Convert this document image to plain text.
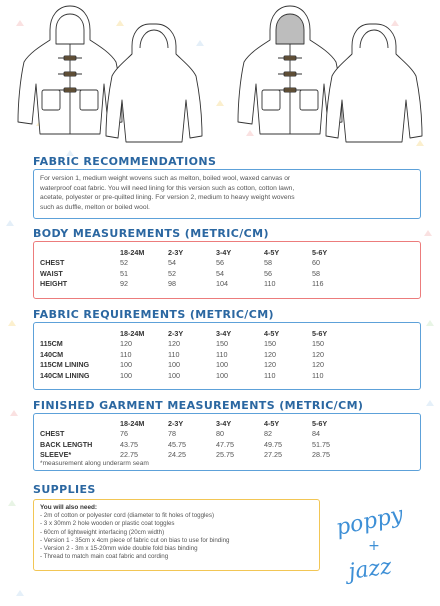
FABRIC RECOMMENDATIONS
For version 1, medium weight wovens such as melton, boiled wool, waxed canvas or
waterproof coat fabric. You will need lining for this version such as cotton, cotton lawn,
acetate, polyester or pre-quilted lining. For version 2, medium to heavy weight wovens
such as duffle, melton or boiled wool.
BODY MEASUREMENTS (METRIC/CM)
	18-24M	2-3Y	3-4Y	4-5Y	5-6Y
CHEST	52	54	56	58	60
WAIST	51	52	54	56	58
HEIGHT	92	98	104	110	116
FABRIC REQUIREMENTS (METRIC/CM)
	18-24M	2-3Y	3-4Y	4-5Y	5-6Y
115CM	120	120	150	150	150
140CM	110	110	110	120	120
115CM LINING	100	100	100	120	120
140CM LINING	100	100	100	110	110
FINISHED GARMENT MEASUREMENTS (METRIC/CM)
	18-24M	2-3Y	3-4Y	4-5Y	5-6Y
CHEST	76	78	80	82	84
BACK LENGTH	43.75	45.75	47.75	49.75	51.75
SLEEVE*	22.75	24.25	25.75	27.25	28.75
*measurement along underarm seam
SUPPLIES
You will also need:
- 2m of cotton or polyester cord (diameter to fit holes of toggles)
- 3 x 30mm 2 hole wooden or plastic coat toggles
- 60cm of lightweight interfacing (20cm width)
- Version 1 - 35cm x 4cm piece of fabric cut on bias to use for binding
- Version 2 - 3m x 15-20mm wide double fold bias binding
- Thread to match main coat fabric and cording
poppy
+
jazz
